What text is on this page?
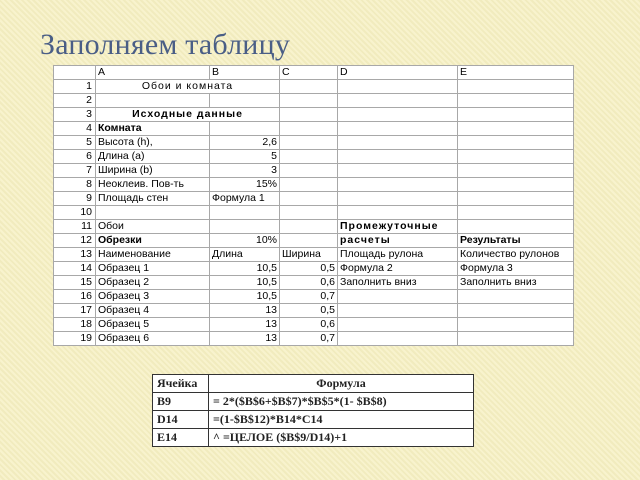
Заполняем таблицу
	A	B	C	D	E
1	Обои и комната				
2					
3	Исходные данные				
4	Комната				
5	Высота (h),	2,6			
6	Длина (a)	5			
7	Ширина (b)	3			
8	Неоклеив. Пов-ть	15%			
9	Площадь стен	Формула 1			
10					
11	Обои			Промежуточные	
12	Обрезки	10%		расчеты	Результаты
13	Наименование	Длина	Ширина	Площадь рулона	Количество рулонов
14	Образец 1	10,5	0,5	Формула 2	Формула 3
15	Образец 2	10,5	0,6	Заполнить вниз	Заполнить вниз
16	Образец 3	10,5	0,7		
17	Образец 4	13	0,5		
18	Образец 5	13	0,6		
19	Образец 6	13	0,7		
Ячейка	Формула
B9	= 2*($B$6+$B$7)*$B$5*(1- $B$8)
D14	=(1-$B$12)*B14*C14
E14	^ =ЦЕЛОЕ ($B$9/D14)+1
